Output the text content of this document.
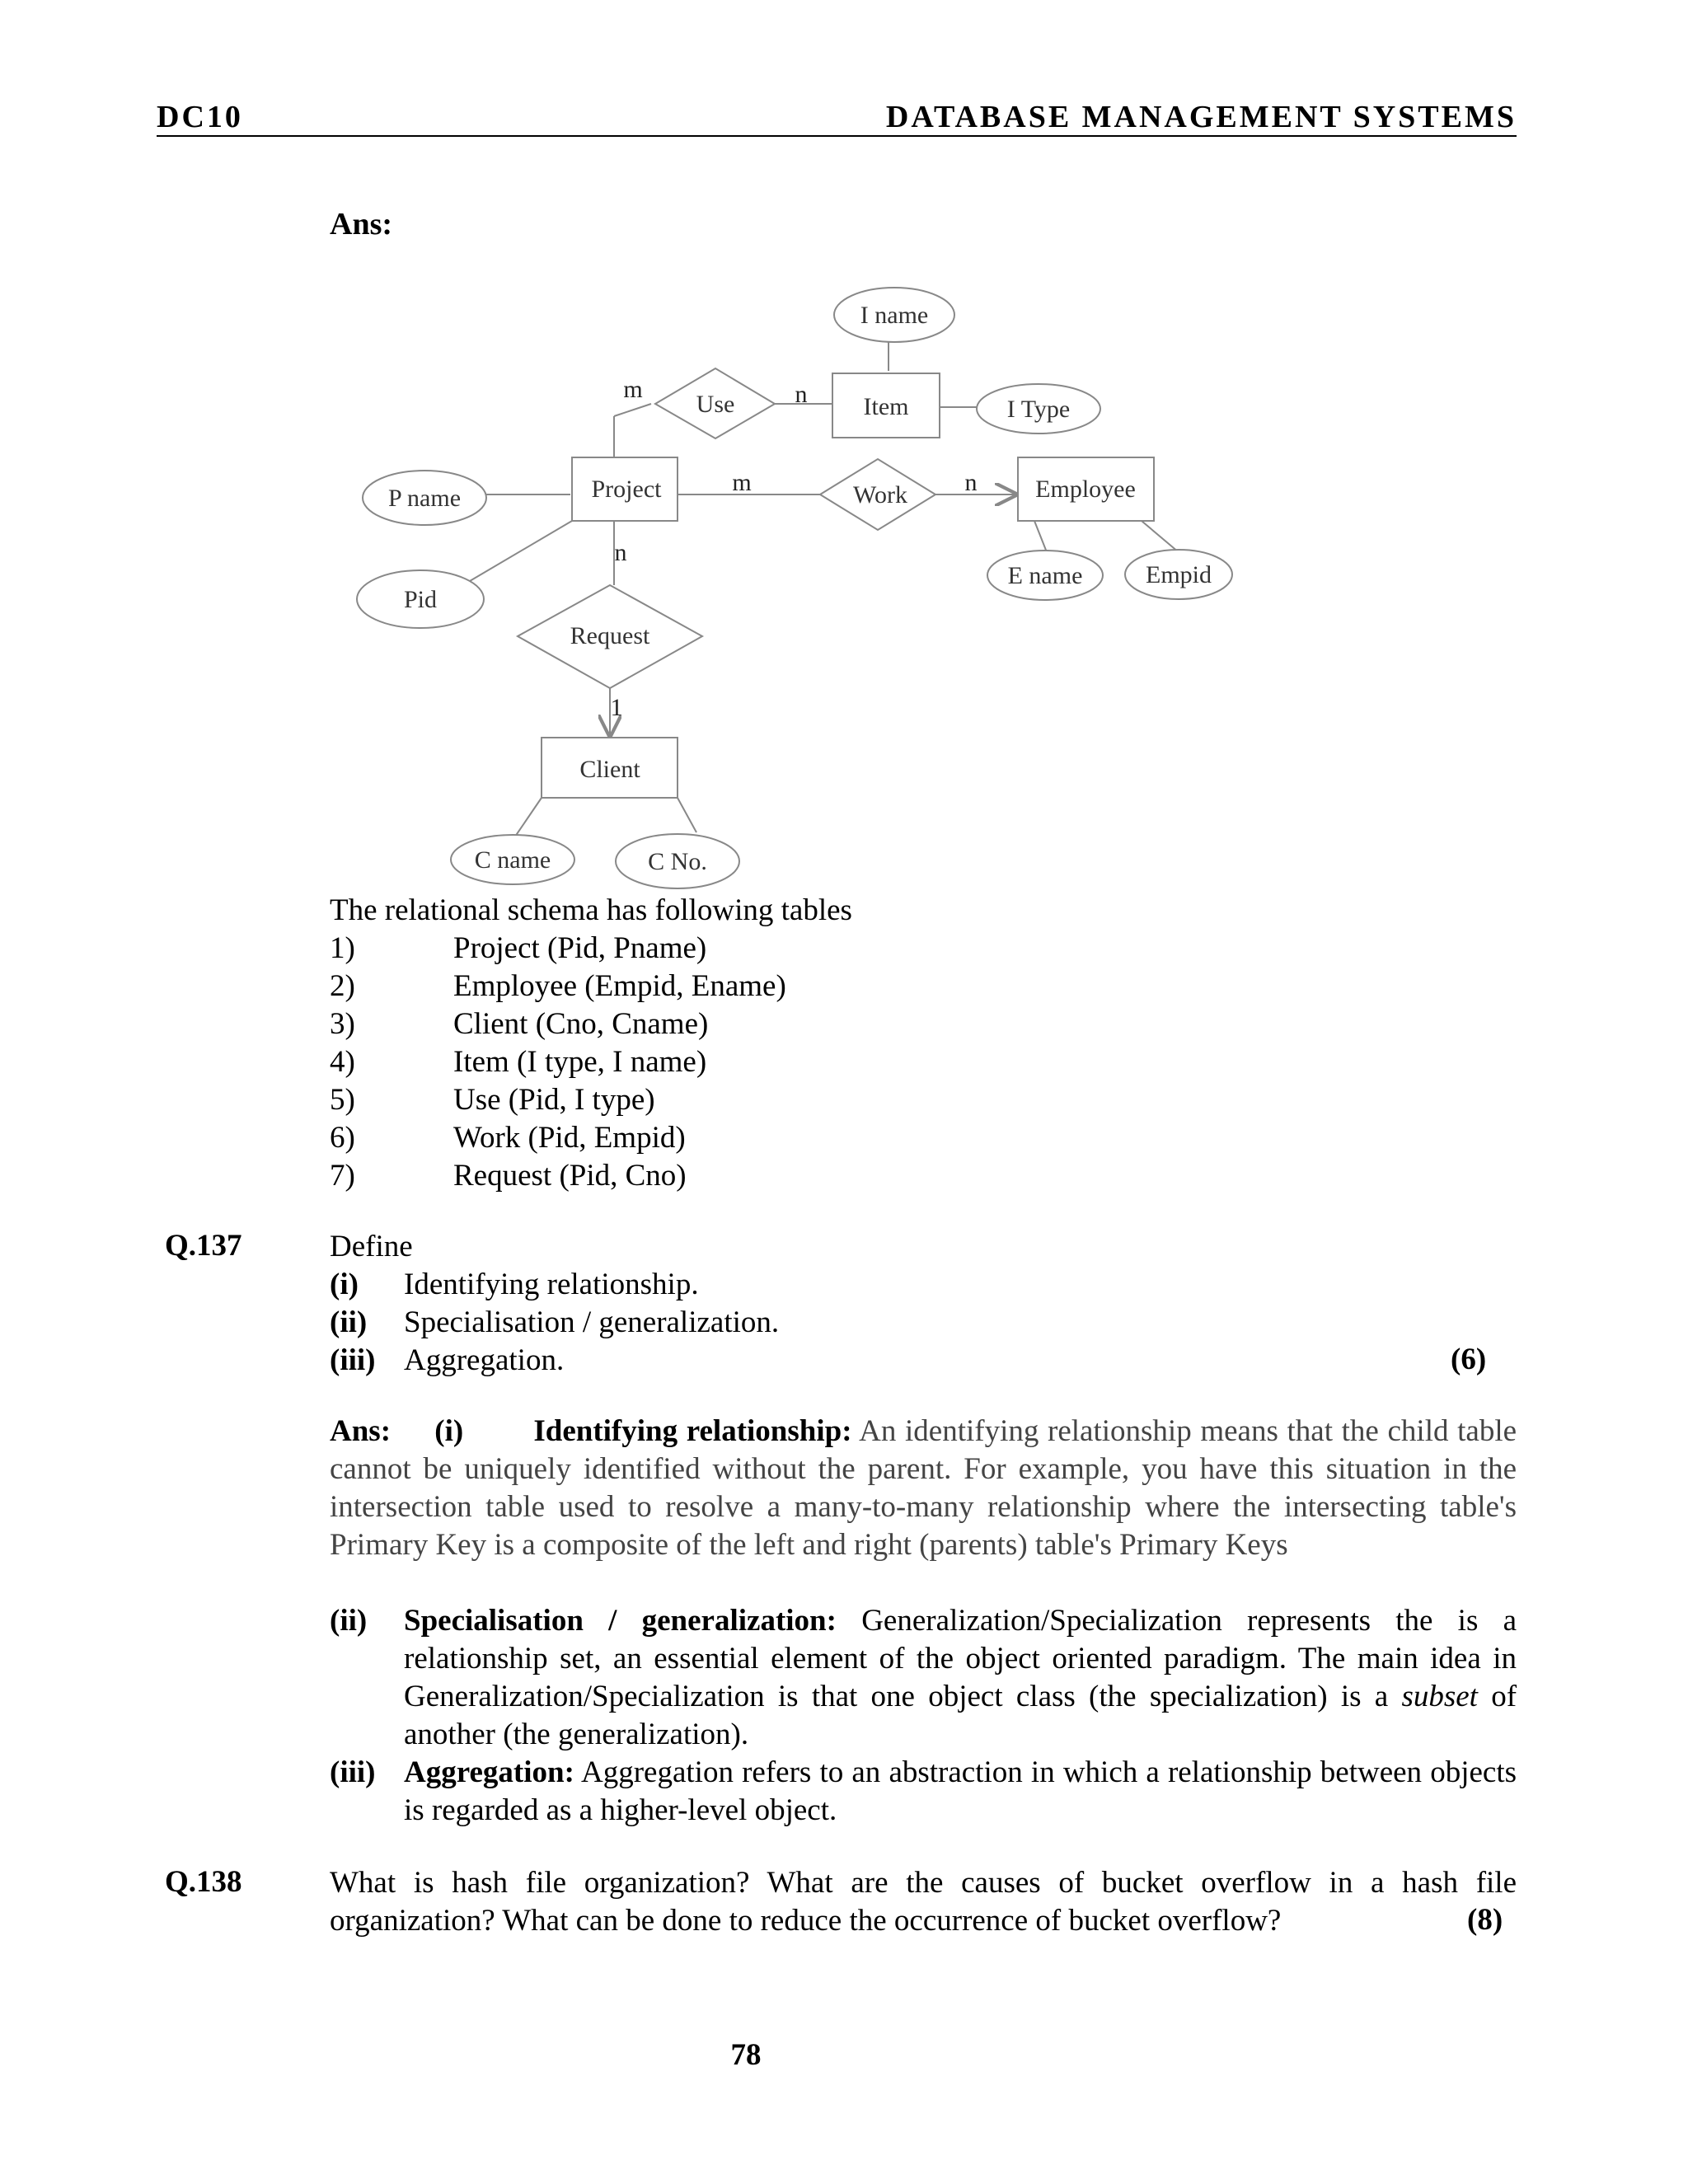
DC10	DATABASE MANAGEMENT SYSTEMS
Ans:
Item
Project	Employee
Client
Use
Work
Request
I name
I Type
P name
Pid
E name	Empid
C name	C No.
m	n
m	n
n
1
The relational schema has following tables
1)	Project (Pid, Pname)
2)	Employee (Empid, Ename)
3)	Client (Cno, Cname)
4)	Item (I type, I name)
5)	Use (Pid, I type)
6)	Work (Pid, Empid)
7)	Request (Pid, Cno)
Q.137	Define
(i) Identifying relationship.
(ii) Specialisation / generalization.
(iii) Aggregation.	(6)
Ans: (i) Identifying relationship: An identifying relationship means that the child table cannot be uniquely identified without the parent. For example, you have this situation in the intersection table used to resolve a many-to-many relationship where the intersecting table's Primary Key is a composite of the left and right (parents) table's Primary Keys
(ii) Specialisation / generalization: Generalization/Specialization represents the is a relationship set, an essential element of the object oriented paradigm. The main idea in Generalization/Specialization is that one object class (the specialization) is a subset of another (the generalization).
(iii) Aggregation: Aggregation refers to an abstraction in which a relationship between objects is regarded as a higher-level object.
Q.138	What is hash file organization? What are the causes of bucket overflow in a hash file organization? What can be done to reduce the occurrence of bucket overflow?	(8)
78
